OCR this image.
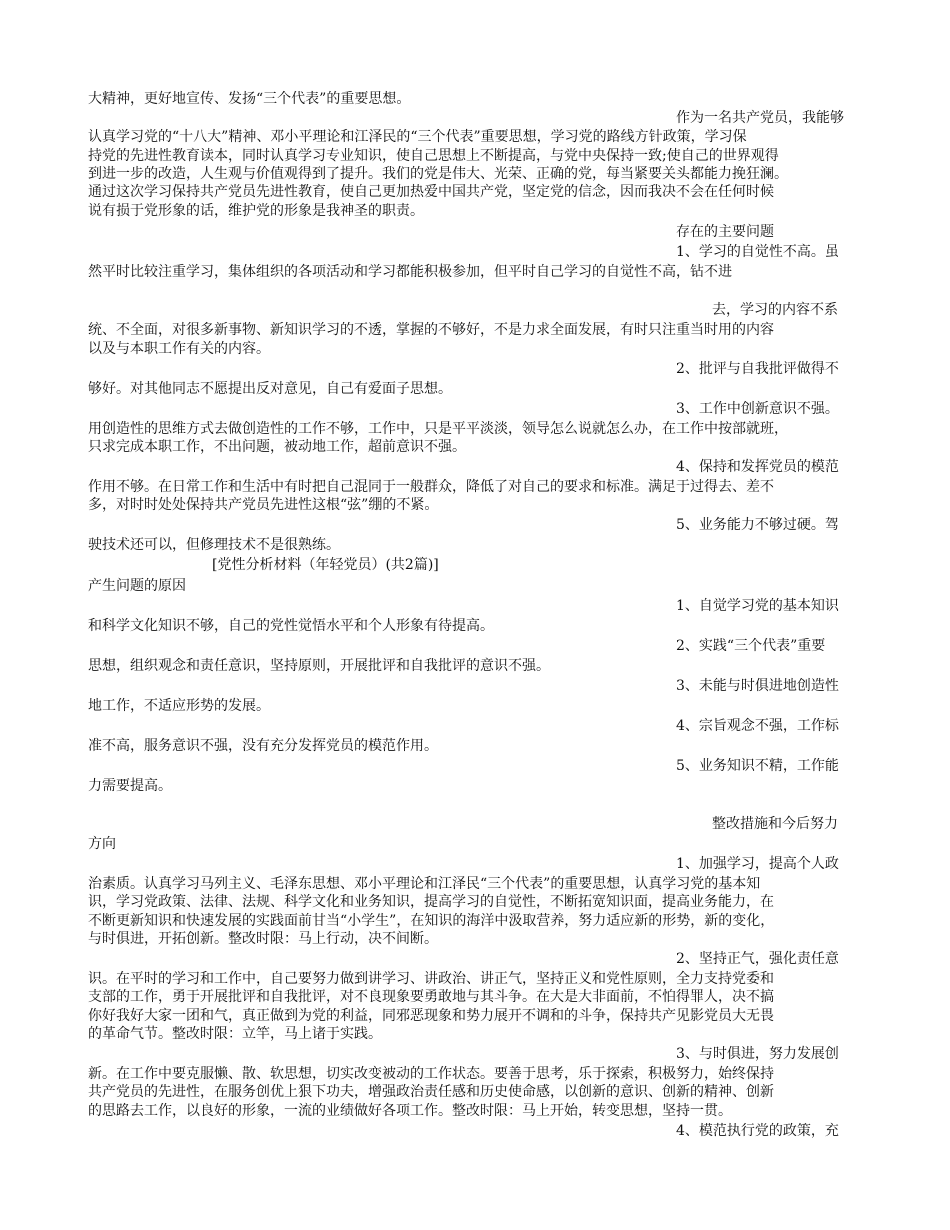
大精神，更好地宣传、发扬“三个代表”的重要思想。

作为一名共产党员，我能够

认真学习党的“十八大”精神、邓小平理论和江泽民的“三个代表”重要思想，学习党的路线方针政策，学习保

持党的先进性教育读本，同时认真学习专业知识，使自己思想上不断提高，与党中央保持一致;使自己的世界观得

到进一步的改造，人生观与价值观得到了提升。我们的党是伟大、光荣、正确的党，每当紧要关头都能力挽狂澜。

通过这次学习保持共产党员先进性教育，使自己更加热爱中国共产党，坚定党的信念，因而我决不会在任何时候

说有损于党形象的话，维护党的形象是我神圣的职责。

存在的主要问题

1、学习的自觉性不高。虽

然平时比较注重学习，集体组织的各项活动和学习都能积极参加，但平时自己学习的自觉性不高，钻不进

去，学习的内容不系

统、不全面，对很多新事物、新知识学习的不透，掌握的不够好，不是力求全面发展，有时只注重当时用的内容

以及与本职工作有关的内容。

2、批评与自我批评做得不

够好。对其他同志不愿提出反对意见，自己有爱面子思想。

3、工作中创新意识不强。

用创造性的思维方式去做创造性的工作不够，工作中，只是平平淡淡，领导怎么说就怎么办，在工作中按部就班，

只求完成本职工作，不出问题，被动地工作，超前意识不强。

4、保持和发挥党员的模范

作用不够。在日常工作和生活中有时把自己混同于一般群众，降低了对自己的要求和标准。满足于过得去、差不

多，对时时处处保持共产党员先进性这根“弦”绷的不紧。

5、业务能力不够过硬。驾

驶技术还可以，但修理技术不是很熟练。

[党性分析材料（年轻党员）(共2篇)]

产生问题的原因

1、自觉学习党的基本知识

和科学文化知识不够，自己的党性觉悟水平和个人形象有待提高。

2、实践“三个代表”重要

思想，组织观念和责任意识，坚持原则，开展批评和自我批评的意识不强。

3、未能与时俱进地创造性

地工作，不适应形势的发展。

4、宗旨观念不强，工作标

准不高，服务意识不强，没有充分发挥党员的模范作用。

5、业务知识不精，工作能

力需要提高。

整改措施和今后努力

方向

1、加强学习，提高个人政

治素质。认真学习马列主义、毛泽东思想、邓小平理论和江泽民“三个代表”的重要思想，认真学习党的基本知

识，学习党政策、法律、法规、科学文化和业务知识，提高学习的自觉性，不断拓宽知识面，提高业务能力，在

不断更新知识和快速发展的实践面前甘当“小学生”，在知识的海洋中汲取营养，努力适应新的形势，新的变化，

与时俱进，开拓创新。整改时限：马上行动，决不间断。

2、坚持正气，强化责任意

识。在平时的学习和工作中，自己要努力做到讲学习、讲政治、讲正气，坚持正义和党性原则，全力支持党委和

支部的工作，勇于开展批评和自我批评，对不良现象要勇敢地与其斗争。在大是大非面前，不怕得罪人，决不搞

你好我好大家一团和气，真正做到为党的利益，同邪恶现象和势力展开不调和的斗争，保持共产见影党员大无畏

的革命气节。整改时限：立竿，马上诸于实践。

3、与时俱进，努力发展创

新。在工作中要克服懒、散、软思想，切实改变被动的工作状态。要善于思考，乐于探索，积极努力，始终保持

共产党员的先进性，在服务创优上狠下功夫，增强政治责任感和历史使命感，以创新的意识、创新的精神、创新

的思路去工作，以良好的形象，一流的业绩做好各项工作。整改时限：马上开始，转变思想，坚持一贯。

4、模范执行党的政策，充
